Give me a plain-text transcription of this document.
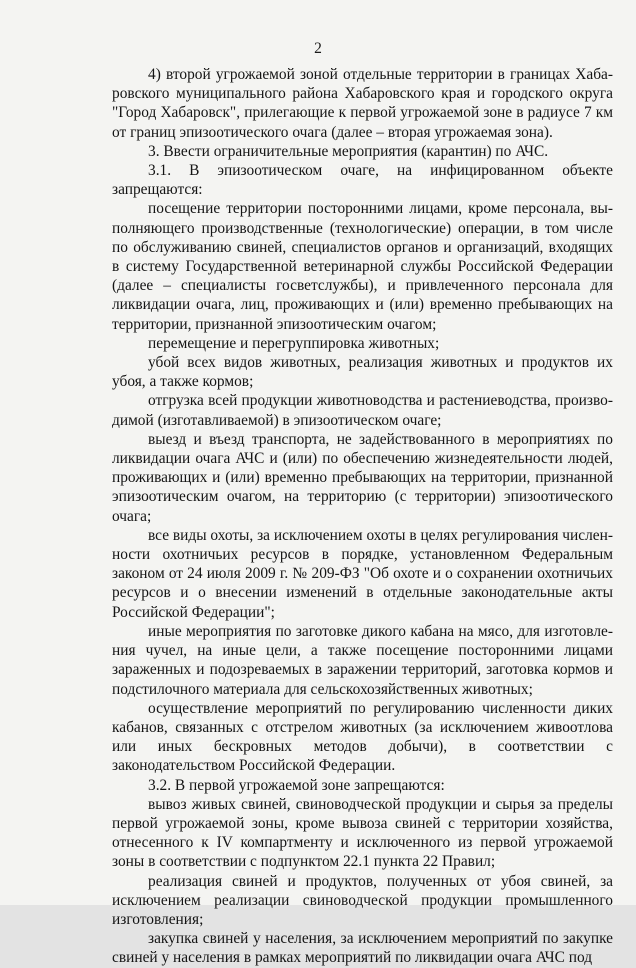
2

4) второй угрожаемой зоной отдельные территории в границах Хабаровского муниципального района Хабаровского края и городского округа "Город Хабаровск", прилегающие к первой угрожаемой зоне в радиусе 7 км от границ эпизоотического очага (далее – вторая угрожаемая зона).

3. Ввести ограничительные мероприятия (карантин) по АЧС.

3.1. В эпизоотическом очаге, на инфицированном объекте запрещаются:

посещение территории посторонними лицами, кроме персонала, выполняющего производственные (технологические) операции, в том числе по обслуживанию свиней, специалистов органов и организаций, входящих в систему Государственной ветеринарной службы Российской Федерации (далее – специалисты госветслужбы), и привлеченного персонала для ликвидации очага, лиц, проживающих и (или) временно пребывающих на территории, признанной эпизоотическим очагом;

перемещение и перегруппировка животных;

убой всех видов животных, реализация животных и продуктов их убоя, а также кормов;

отгрузка всей продукции животноводства и растениеводства, производимой (изготавливаемой) в эпизоотическом очаге;

выезд и въезд транспорта, не задействованного в мероприятиях по ликвидации очага АЧС и (или) по обеспечению жизнедеятельности людей, проживающих и (или) временно пребывающих на территории, признанной эпизоотическим очагом, на территорию (с территории) эпизоотического очага;

все виды охоты, за исключением охоты в целях регулирования численности охотничьих ресурсов в порядке, установленном Федеральным законом от 24 июля 2009 г. № 209-ФЗ "Об охоте и о сохранении охотничьих ресурсов и о внесении изменений в отдельные законодательные акты Российской Федерации";

иные мероприятия по заготовке дикого кабана на мясо, для изготовления чучел, на иные цели, а также посещение посторонними лицами зараженных и подозреваемых в заражении территорий, заготовка кормов и подстилочного материала для сельскохозяйственных животных;

осуществление мероприятий по регулированию численности диких кабанов, связанных с отстрелом животных (за исключением живоотлова или иных бескровных методов добычи), в соответствии с законодательством Российской Федерации.

3.2. В первой угрожаемой зоне запрещаются:

вывоз живых свиней, свиноводческой продукции и сырья за пределы первой угрожаемой зоны, кроме вывоза свиней с территории хозяйства, отнесенного к IV компартменту и исключенного из первой угрожаемой зоны в соответствии с подпунктом 22.1 пункта 22 Правил;

реализация свиней и продуктов, полученных от убоя свиней, за исключением реализации свиноводческой продукции промышленного изготовления;

закупка свиней у населения, за исключением мероприятий по закупке свиней у населения в рамках мероприятий по ликвидации очага АЧС под
